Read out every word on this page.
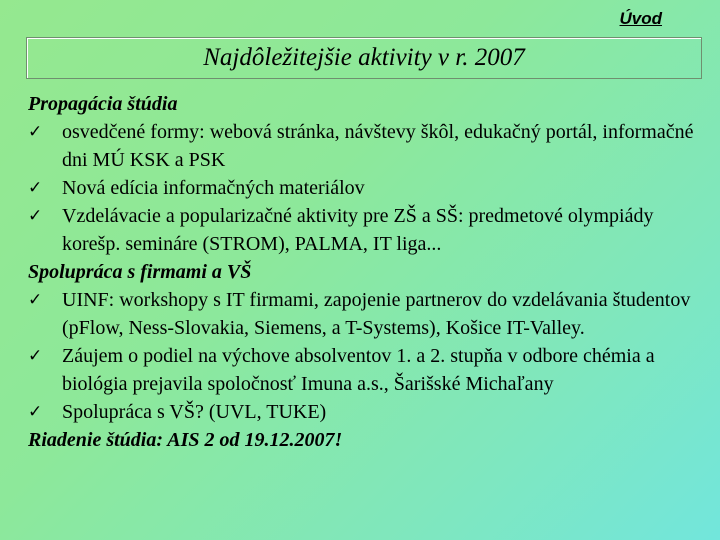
Úvod
Najdôležitejšie aktivity v r. 2007
Propagácia štúdia
✓ osvedčené formy: webová stránka, návštevy škôl, edukačný portál, informačné dni MÚ KSK a PSK
✓ Nová edícia informačných materiálov
✓ Vzdelávacie a popularizačné aktivity pre ZŠ a SŠ: predmetové olympiády korešp. semináre (STROM), PALMA, IT liga...
Spolupráca s firmami a VŠ
✓ UINF: workshopy s IT firmami, zapojenie partnerov do vzdelávania študentov (pFlow, Ness-Slovakia, Siemens, a T-Systems), Košice IT-Valley.
✓ Záujem o podiel na výchove absolventov 1. a 2. stupňa v odbore chémia a biológia prejavila spoločnosť Imuna a.s., Šarišské Michaľany
✓ Spolupráca s VŠ? (UVL, TUKE)
Riadenie štúdia: AIS 2 od 19.12.2007!
